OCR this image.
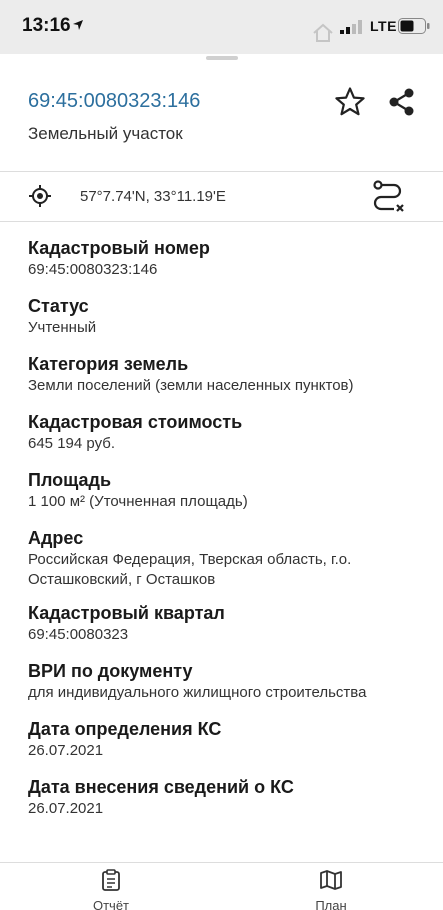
13:16	LTE
69:45:0080323:146
Земельный участок
57°7.74'N, 33°11.19'E
Кадастровый номер
69:45:0080323:146
Статус
Учтенный
Категория земель
Земли поселений (земли населенных пунктов)
Кадастровая стоимость
645 194 руб.
Площадь
1 100 м² (Уточненная площадь)
Адрес
Российская Федерация, Тверская область, г.о.
Осташковский, г Осташков
Кадастровый квартал
69:45:0080323
ВРИ по документу
для индивидуального жилищного строительства
Дата определения КС
26.07.2021
Дата внесения сведений о КС
26.07.2021
Отчёт	План
